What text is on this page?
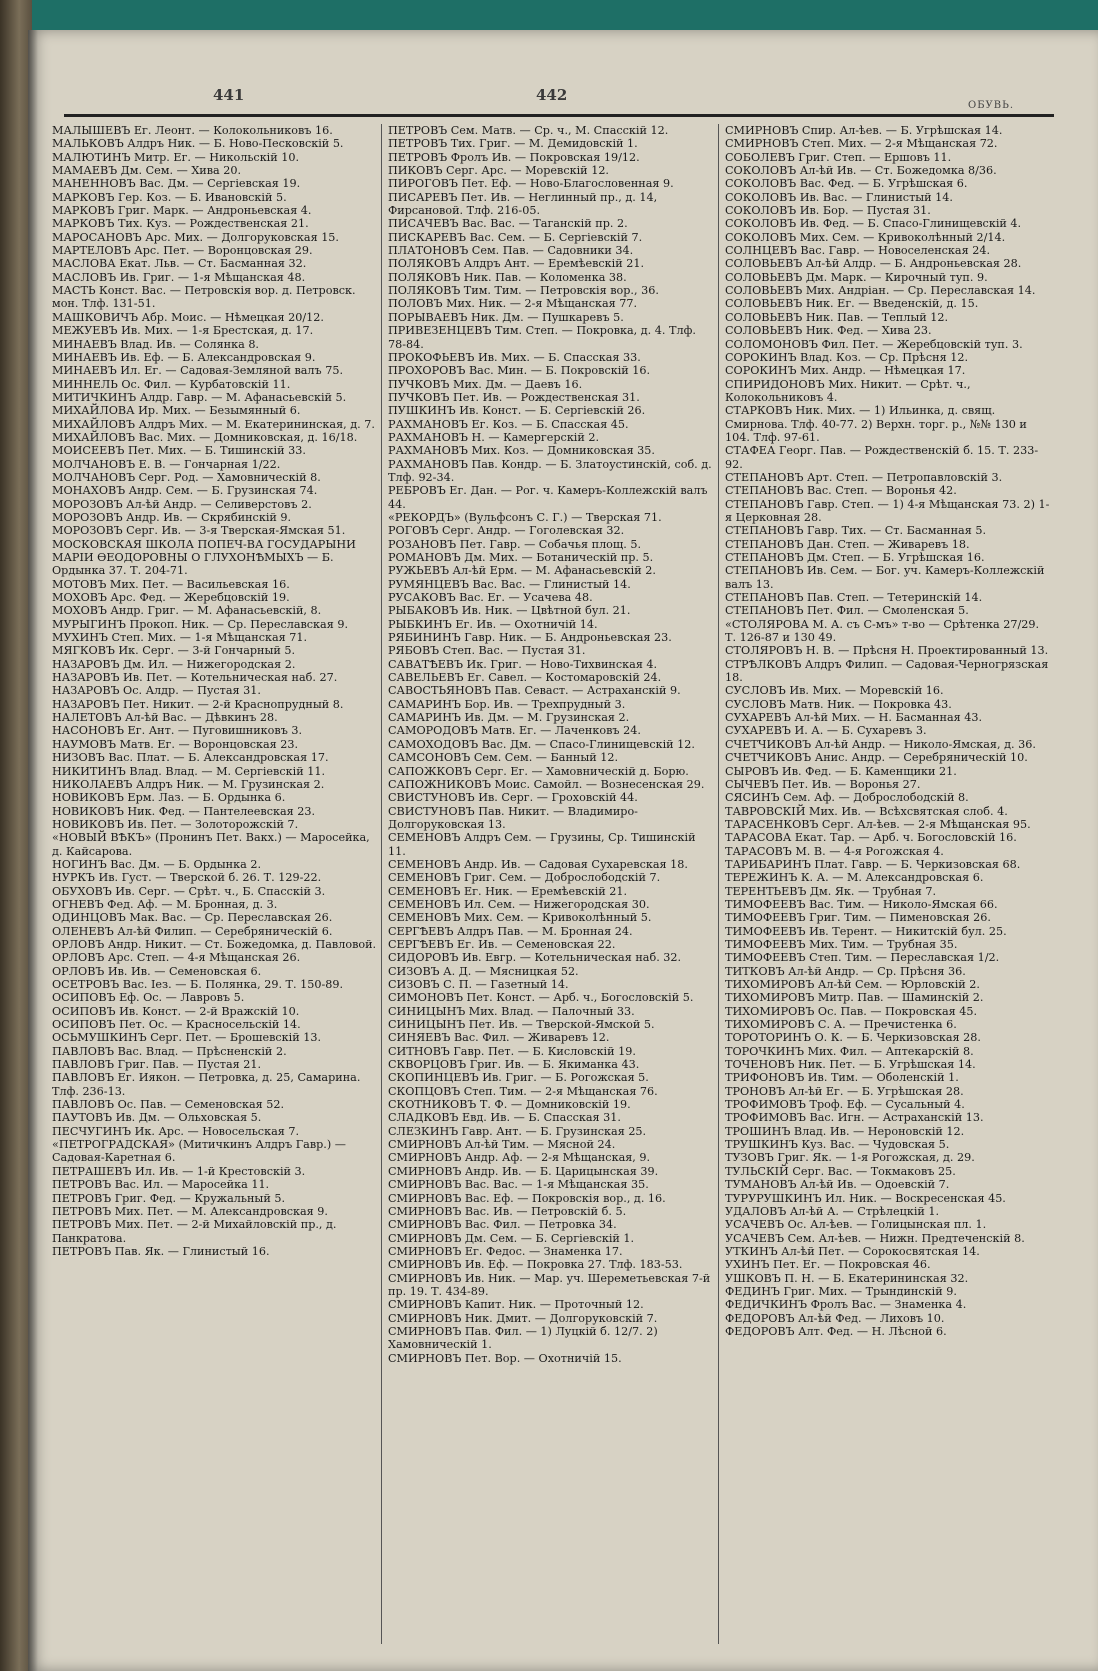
441	442
ОБУВЬ.
МАЛЫШЕВЪ Ег. Леонт. — Колокольниковъ 16.
МАЛЬКОВЪ Алдръ Ник. — Б. Ново-Песковскій 5.
МАЛЮТИНЪ Митр. Ег. — Никольскій 10.
МАМАЕВЪ Дм. Сем. — Хива 20.
МАНЕННОВЪ Вас. Дм. — Сергіевская 19.
МАРКОВЪ Гер. Коз. — Б. Ивановскій 5.
МАРКОВЪ Григ. Марк. — Андроньевская 4.
МАРКОВЪ Тих. Куз. — Рождественская 21.
МАРОСАНОВЪ Арс. Мих. — Долгоруковская 15.
МАРТЕЛОВЪ Арс. Пет. — Воронцовская 29.
МАСЛОВА Екат. Льв. — Ст. Басманная 32.
МАСЛОВЪ Ив. Григ. — 1-я Мѣщанская 48.
МАСТЬ Конст. Вас. — Петровскія вор. д. Петровск. мон. Тлф. 131-51.
МАШКОВИЧЪ Абр. Моис. — Нѣмецкая 20/12.
МЕЖУЕВЪ Ив. Мих. — 1-я Брестская, д. 17.
МИНАЕВЪ Влад. Ив. — Солянка 8.
МИНАЕВЪ Ив. Еф. — Б. Александровская 9.
МИНАЕВЪ Ил. Ег. — Садовая-Земляной валъ 75.
МИННЕЛЬ Ос. Фил. — Курбатовскій 11.
МИТИЧКИНЪ Алдр. Гавр. — М. Афанасьевскій 5.
МИХАЙЛОВА Ир. Мих. — Безымянный 6.
МИХАЙЛОВЪ Алдръ Мих. — М. Екатерининская, д. 7.
МИХАЙЛОВЪ Вас. Мих. — Домниковская, д. 16/18.
МОИСЕЕВЪ Пет. Мих. — Б. Тишинскій 33.
МОЛЧАНОВЪ Е. В. — Гончарная 1/22.
МОЛЧАНОВЪ Серг. Род. — Хамовническій 8.
МОНАХОВЪ Андр. Сем. — Б. Грузинская 74.
МОРОЗОВЪ Ал-ѣй Андр. — Селиверстовъ 2.
МОРОЗОВЪ Андр. Ив. — Скрябинскій 9.
МОРОЗОВЪ Серг. Ив. — 3-я Тверская-Ямская 51.
МОСКОВСКАЯ ШКОЛА ПОПЕЧ-ВА ГОСУДАРЫНИ МАРІИ ѲЕОДОРОВНЫ О ГЛУХОНѢМЫХЪ — Б. Ордынка 37. Т. 204-71.
МОТОВЪ Мих. Пет. — Васильевская 16.
МОХОВЪ Арс. Фед. — Жеребцовскій 19.
МОХОВЪ Андр. Григ. — М. Афанасьевскій, 8.
МУРЫГИНЪ Прокоп. Ник. — Ср. Переславская 9.
МУХИНЪ Степ. Мих. — 1-я Мѣщанская 71.
МЯГКОВЪ Ик. Серг. — 3-й Гончарный 5.
НАЗАРОВЪ Дм. Ил. — Нижегородская 2.
НАЗАРОВЪ Ив. Пет. — Котельническая наб. 27.
НАЗАРОВЪ Ос. Алдр. — Пустая 31.
НАЗАРОВЪ Пет. Никит. — 2-й Краснопрудный 8.
НАЛЕТОВЪ Ал-ѣй Вас. — Дѣвкинъ 28.
НАСОНОВЪ Ег. Ант. — Пуговишниковъ 3.
НАУМОВЪ Матв. Ег. — Воронцовская 23.
НИЗОВЪ Вас. Плат. — Б. Александровская 17.
НИКИТИНЪ Влад. Влад. — М. Сергіевскій 11.
НИКОЛАЕВЪ Алдръ Ник. — М. Грузинская 2.
НОВИКОВЪ Ерм. Лаз. — Б. Ордынка 6.
НОВИКОВЪ Ник. Фед. — Пантелеевская 23.
НОВИКОВЪ Ив. Пет. — Золоторожскій 7.
«НОВЫЙ ВѢКЪ» (Пронинъ Пет. Вакх.) — Маросейка, д. Кайсарова.
НОГИНЪ Вас. Дм. — Б. Ордынка 2.
НУРКЪ Ив. Густ. — Тверской б. 26. Т. 129-22.
ОБУХОВЪ Ив. Серг. — Срѣт. ч., Б. Спасскій 3.
ОГНЕВЪ Фед. Аф. — М. Бронная, д. 3.
ОДИНЦОВЪ Мак. Вас. — Ср. Переславская 26.
ОЛЕНЕВЪ Ал-ѣй Филип. — Серебряническій 6.
ОРЛОВЪ Андр. Никит. — Ст. Божедомка, д. Павловой.
ОРЛОВЪ Арс. Степ. — 4-я Мѣщанская 26.
ОРЛОВЪ Ив. Ив. — Семеновская 6.
ОСЕТРОВЪ Вас. Іез. — Б. Полянка, 29. Т. 150-89.
ОСИПОВЪ Еф. Ос. — Лавровъ 5.
ОСИПОВЪ Ив. Конст. — 2-й Вражскій 10.
ОСИПОВЪ Пет. Ос. — Красносельскій 14.
ОСЬМУШКИНЪ Серг. Пет. — Брошевскій 13.
ПАВЛОВЪ Вас. Влад. — Прѣсненскій 2.
ПАВЛОВЪ Григ. Пав. — Пустая 21.
ПАВЛОВЪ Ег. Иякон. — Петровка, д. 25, Самарина. Тлф. 236-13.
ПАВЛОВЪ Ос. Пав. — Семеновская 52.
ПАУТОВЪ Ив. Дм. — Ольховская 5.
ПЕСЧУГИНЪ Ик. Арс. — Новосельская 7.
«ПЕТРОГРАДСКАЯ» (Митичкинъ Алдръ Гавр.) — Садовая-Каретная 6.
ПЕТРАШЕВЪ Ил. Ив. — 1-й Крестовскій 3.
ПЕТРОВЪ Вас. Ил. — Маросейка 11.
ПЕТРОВЪ Григ. Фед. — Кружальный 5.
ПЕТРОВЪ Мих. Пет. — М. Александровская 9.
ПЕТРОВЪ Мих. Пет. — 2-й Михайловскій пр., д. Панкратова.
ПЕТРОВЪ Пав. Як. — Глинистый 16.
ПЕТРОВЪ Сем. Матв. — Ср. ч., М. Спасскій 12.
ПЕТРОВЪ Тих. Григ. — М. Демидовскій 1.
ПЕТРОВЪ Фролъ Ив. — Покровская 19/12.
ПИКОВЪ Серг. Арс. — Моревскій 12.
ПИРОГОВЪ Пет. Еф. — Ново-Благословенная 9.
ПИСАРЕВЪ Пет. Ив. — Неглинный пр., д. 14, Фирсановой. Тлф. 216-05.
ПИСАЧЕВЪ Вас. Вас. — Таганскій пр. 2.
ПИСКАРЕВЪ Вас. Сем. — Б. Сергіевскій 7.
ПЛАТОНОВЪ Сем. Пав. — Садовники 34.
ПОЛЯКОВЪ Алдръ Ант. — Еремѣевскій 21.
ПОЛЯКОВЪ Ник. Пав. — Коломенка 38.
ПОЛЯКОВЪ Тим. Тим. — Петровскія вор., 36.
ПОЛОВЪ Мих. Ник. — 2-я Мѣщанская 77.
ПОРЫВАЕВЪ Ник. Дм. — Пушкаревъ 5.
ПРИВЕЗЕНЦЕВЪ Тим. Степ. — Покровка, д. 4. Тлф. 78-84.
ПРОКОФЬЕВЪ Ив. Мих. — Б. Спасская 33.
ПРОХОРОВЪ Вас. Мин. — Б. Покровскій 16.
ПУЧКОВЪ Мих. Дм. — Даевъ 16.
ПУЧКОВЪ Пет. Ив. — Рождественская 31.
ПУШКИНЪ Ив. Конст. — Б. Сергіевскій 26.
РАХМАНОВЪ Ег. Коз. — Б. Спасская 45.
РАХМАНОВЪ Н. — Камергерскій 2.
РАХМАНОВЪ Мих. Коз. — Домниковская 35.
РАХМАНОВЪ Пав. Кондр. — Б. Златоустинскій, соб. д. Тлф. 92-34.
РЕБРОВЪ Ег. Дан. — Рог. ч. Камеръ-Коллежскій валъ 44.
«РЕКОРДЪ» (Вульфсонъ С. Г.) — Тверская 71.
РОГОВЪ Серг. Андр. — Гоголевская 32.
РОЗАНОВЪ Пет. Гавр. — Собачья площ. 5.
РОМАНОВЪ Дм. Мих. — Ботаническій пр. 5.
РУЖЬЕВЪ Ал-ѣй Ерм. — М. Афанасьевскій 2.
РУМЯНЦЕВЪ Вас. Вас. — Глинистый 14.
РУСАКОВЪ Вас. Ег. — Усачева 48.
РЫБАКОВЪ Ив. Ник. — Цвѣтной бул. 21.
РЫБКИНЪ Ег. Ив. — Охотничій 14.
РЯБИНИНЪ Гавр. Ник. — Б. Андроньевская 23.
РЯБОВЪ Степ. Вас. — Пустая 31.
САВАТѢЕВЪ Ик. Григ. — Ново-Тихвинская 4.
САВЕЛЬЕВЪ Ег. Савел. — Костомаровскій 24.
САВОСТЬЯНОВЪ Пав. Севаст. — Астраханскій 9.
САМАРИНЪ Бор. Ив. — Трехпрудный 3.
САМАРИНЪ Ив. Дм. — М. Грузинская 2.
САМОРОДОВЪ Матв. Ег. — Лаченковъ 24.
САМОХОДОВЪ Вас. Дм. — Спасо-Глинищевскій 12.
САМСОНОВЪ Сем. Сем. — Банный 12.
САПОЖКОВЪ Серг. Ег. — Хамовническій д. Борю.
САПОЖНИКОВЪ Моис. Самойл. — Вознесенская 29.
СВИСТУНОВЪ Ив. Серг. — Гроховскій 44.
СВИСТУНОВЪ Пав. Никит. — Владимиро-Долгоруковская 13.
СЕМЕНОВЪ Алдръ Сем. — Грузины, Ср. Тишинскій 11.
СЕМЕНОВЪ Андр. Ив. — Садовая Сухаревская 18.
СЕМЕНОВЪ Григ. Сем. — Доброслободскій 7.
СЕМЕНОВЪ Ег. Ник. — Еремѣевскій 21.
СЕМЕНОВЪ Ил. Сем. — Нижегородская 30.
СЕМЕНОВЪ Мих. Сем. — Кривоколѣнный 5.
СЕРГѢЕВЪ Алдръ Пав. — М. Бронная 24.
СЕРГѢЕВЪ Ег. Ив. — Семеновская 22.
СИДОРОВЪ Ив. Евгр. — Котельническая наб. 32.
СИЗОВЪ А. Д. — Мясницкая 52.
СИЗОВЪ С. П. — Газетный 14.
СИМОНОВЪ Пет. Конст. — Арб. ч., Богословскій 5.
СИНИЦЫНЪ Мих. Влад. — Палочный 33.
СИНИЦЫНЪ Пет. Ив. — Тверской-Ямской 5.
СИНЯЕВЪ Вас. Фил. — Живаревъ 12.
СИТНОВЪ Гавр. Пет. — Б. Кисловскій 19.
СКВОРЦОВЪ Григ. Ив. — Б. Якиманка 43.
СКОПИНЦЕВЪ Ив. Григ. — Б. Рогожская 5.
СКОПЦОВЪ Степ. Тим. — 2-я Мѣщанская 76.
СКОТНИКОВЪ Т. Ф. — Домниковскій 19.
СЛАДКОВЪ Евд. Ив. — Б. Спасская 31.
СЛЕЗКИНЪ Гавр. Ант. — Б. Грузинская 25.
СМИРНОВЪ Ал-ѣй Тим. — Мясной 24.
СМИРНОВЪ Андр. Аф. — 2-я Мѣщанская, 9.
СМИРНОВЪ Андр. Ив. — Б. Царицынская 39.
СМИРНОВЪ Вас. Вас. — 1-я Мѣщанская 35.
СМИРНОВЪ Вас. Еф. — Покровскія вор., д. 16.
СМИРНОВЪ Вас. Ив. — Петровскій б. 5.
СМИРНОВЪ Вас. Фил. — Петровка 34.
СМИРНОВЪ Дм. Сем. — Б. Сергіевскій 1.
СМИРНОВЪ Ег. Федос. — Знаменка 17.
СМИРНОВЪ Ив. Еф. — Покровка 27. Тлф. 183-53.
СМИРНОВЪ Ив. Ник. — Мар. уч. Шереметьевская 7-й пр. 19. Т. 434-89.
СМИРНОВЪ Капит. Ник. — Проточный 12.
СМИРНОВЪ Ник. Дмит. — Долгоруковскій 7.
СМИРНОВЪ Пав. Фил. — 1) Луцкій б. 12/7. 2) Хамовническій 1.
СМИРНОВЪ Пет. Вор. — Охотничій 15.
СМИРНОВЪ Спир. Ал-ѣев. — Б. Угрѣшская 14.
СМИРНОВЪ Степ. Мих. — 2-я Мѣщанская 72.
СОБОЛЕВЪ Григ. Степ. — Ершовъ 11.
СОКОЛОВЪ Ал-ѣй Ив. — Ст. Божедомка 8/36.
СОКОЛОВЪ Вас. Фед. — Б. Угрѣшская 6.
СОКОЛОВЪ Ив. Вас. — Глинистый 14.
СОКОЛОВЪ Ив. Бор. — Пустая 31.
СОКОЛОВЪ Ив. Фед. — Б. Спасо-Глинищевскій 4.
СОКОЛОВЪ Мих. Сем. — Кривоколѣнный 2/14.
СОЛНЦЕВЪ Вас. Гавр. — Новоселенская 24.
СОЛОВЬЕВЪ Ал-ѣй Алдр. — Б. Андроньевская 28.
СОЛОВЬЕВЪ Дм. Марк. — Кирочный туп. 9.
СОЛОВЬЕВЪ Мих. Андріан. — Ср. Переславская 14.
СОЛОВЬЕВЪ Ник. Ег. — Введенскій, д. 15.
СОЛОВЬЕВЪ Ник. Пав. — Теплый 12.
СОЛОВЬЕВЪ Ник. Фед. — Хива 23.
СОЛОМОНОВЪ Фил. Пет. — Жеребцовскій туп. 3.
СОРОКИНЪ Влад. Коз. — Ср. Прѣсня 12.
СОРОКИНЪ Мих. Андр. — Нѣмецкая 17.
СПИРИДОНОВЪ Мих. Никит. — Срѣт. ч., Колокольниковъ 4.
СТАРКОВЪ Ник. Мих. — 1) Ильинка, д. свящ. Смирнова. Тлф. 40-77. 2) Верхн. торг. р., №№ 130 и 104. Тлф. 97-61.
СТАФЕА Георг. Пав. — Рождественскій б. 15. Т. 233-92.
СТЕПАНОВЪ Арт. Степ. — Петропавловскій 3.
СТЕПАНОВЪ Вас. Степ. — Воронья 42.
СТЕПАНОВЪ Гавр. Степ. — 1) 4-я Мѣщанская 73. 2) 1-я Церковная 28.
СТЕПАНОВЪ Гавр. Тих. — Ст. Басманная 5.
СТЕПАНОВЪ Дан. Степ. — Живаревъ 18.
СТЕПАНОВЪ Дм. Степ. — Б. Угрѣшская 16.
СТЕПАНОВЪ Ив. Сем. — Бог. уч. Камеръ-Коллежскій валъ 13.
СТЕПАНОВЪ Пав. Степ. — Тетеринскій 14.
СТЕПАНОВЪ Пет. Фил. — Смоленская 5.
«СТОЛЯРОВА М. А. съ С-мъ» т-во — Срѣтенка 27/29. Т. 126-87 и 130 49.
СТОЛЯРОВЪ Н. В. — Прѣсня Н. Проектированный 13.
СТРѢЛКОВЪ Алдръ Филип. — Садовая-Черногрязская 18.
СУСЛОВЪ Ив. Мих. — Моревскій 16.
СУСЛОВЪ Матв. Ник. — Покровка 43.
СУХАРЕВЪ Ал-ѣй Мих. — Н. Басманная 43.
СУХАРЕВЪ И. А. — Б. Сухаревъ 3.
СЧЕТЧИКОВЪ Ал-ѣй Андр. — Николо-Ямская, д. 36.
СЧЕТЧИКОВЪ Анис. Андр. — Серебряническій 10.
СЫРОВЪ Ив. Фед. — Б. Каменщики 21.
СЫЧЕВЪ Пет. Ив. — Воронья 27.
СЯСИНЪ Сем. Аф. — Доброслободскій 8.
ТАВРОВСКІЙ Мих. Ив. — Всѣхсвятская слоб. 4.
ТАРАСЕНКОВЪ Серг. Ал-ѣев. — 2-я Мѣщанская 95.
ТАРАСОВА Екат. Тар. — Арб. ч. Богословскій 16.
ТАРАСОВЪ М. В. — 4-я Рогожская 4.
ТАРИБАРИНЪ Плат. Гавр. — Б. Черкизовская 68.
ТЕРЕЖИНЪ К. А. — М. Александровская 6.
ТЕРЕНТЬЕВЪ Дм. Як. — Трубная 7.
ТИМОФЕЕВЪ Вас. Тим. — Николо-Ямская 66.
ТИМОФЕЕВЪ Григ. Тим. — Пименовская 26.
ТИМОФЕЕВЪ Ив. Терент. — Никитскій бул. 25.
ТИМОФЕЕВЪ Мих. Тим. — Трубная 35.
ТИМОФЕЕВЪ Степ. Тим. — Переславская 1/2.
ТИТКОВЪ Ал-ѣй Андр. — Ср. Прѣсня 36.
ТИХОМИРОВЪ Ал-ѣй Сем. — Юрловскій 2.
ТИХОМИРОВЪ Митр. Пав. — Шаминскій 2.
ТИХОМИРОВЪ Ос. Пав. — Покровская 45.
ТИХОМИРОВЪ С. А. — Пречистенка 6.
ТОРОТОРИНЪ О. К. — Б. Черкизовская 28.
ТОРОЧКИНЪ Мих. Фил. — Аптекарскій 8.
ТОЧЕНОВЪ Ник. Пет. — Б. Угрѣшская 14.
ТРИФОНОВЪ Ив. Тим. — Оболенскій 1.
ТРОНОВЪ Ал-ѣй Ег. — Б. Угрѣшская 28.
ТРОФИМОВЪ Троф. Еф. — Сусальный 4.
ТРОФИМОВЪ Вас. Игн. — Астраханскій 13.
ТРОШИНЪ Влад. Ив. — Нероновскій 12.
ТРУШКИНЪ Куз. Вас. — Чудовская 5.
ТУЗОВЪ Григ. Як. — 1-я Рогожская, д. 29.
ТУЛЬСКІЙ Серг. Вас. — Токмаковъ 25.
ТУМАНОВЪ Ал-ѣй Ив. — Одоевскій 7.
ТУРУРУШКИНЪ Ил. Ник. — Воскресенская 45.
УДАЛОВЪ Ал-ѣй А. — Стрѣлецкій 1.
УСАЧЕВЪ Ос. Ал-ѣев. — Голицынская пл. 1.
УСАЧЕВЪ Сем. Ал-ѣев. — Нижн. Предтеченскій 8.
УТКИНЪ Ал-ѣй Пет. — Сорокосвятская 14.
УХИНЪ Пет. Ег. — Покровская 46.
УШКОВЪ П. Н. — Б. Екатерининская 32.
ФЕДИНЪ Григ. Мих. — Трындинскій 9.
ФЕДИЧКИНЪ Фролъ Вас. — Знаменка 4.
ФЕДОРОВЪ Ал-ѣй Фед. — Лиховъ 10.
ФЕДОРОВЪ Алт. Фед. — Н. Лѣсной 6.
